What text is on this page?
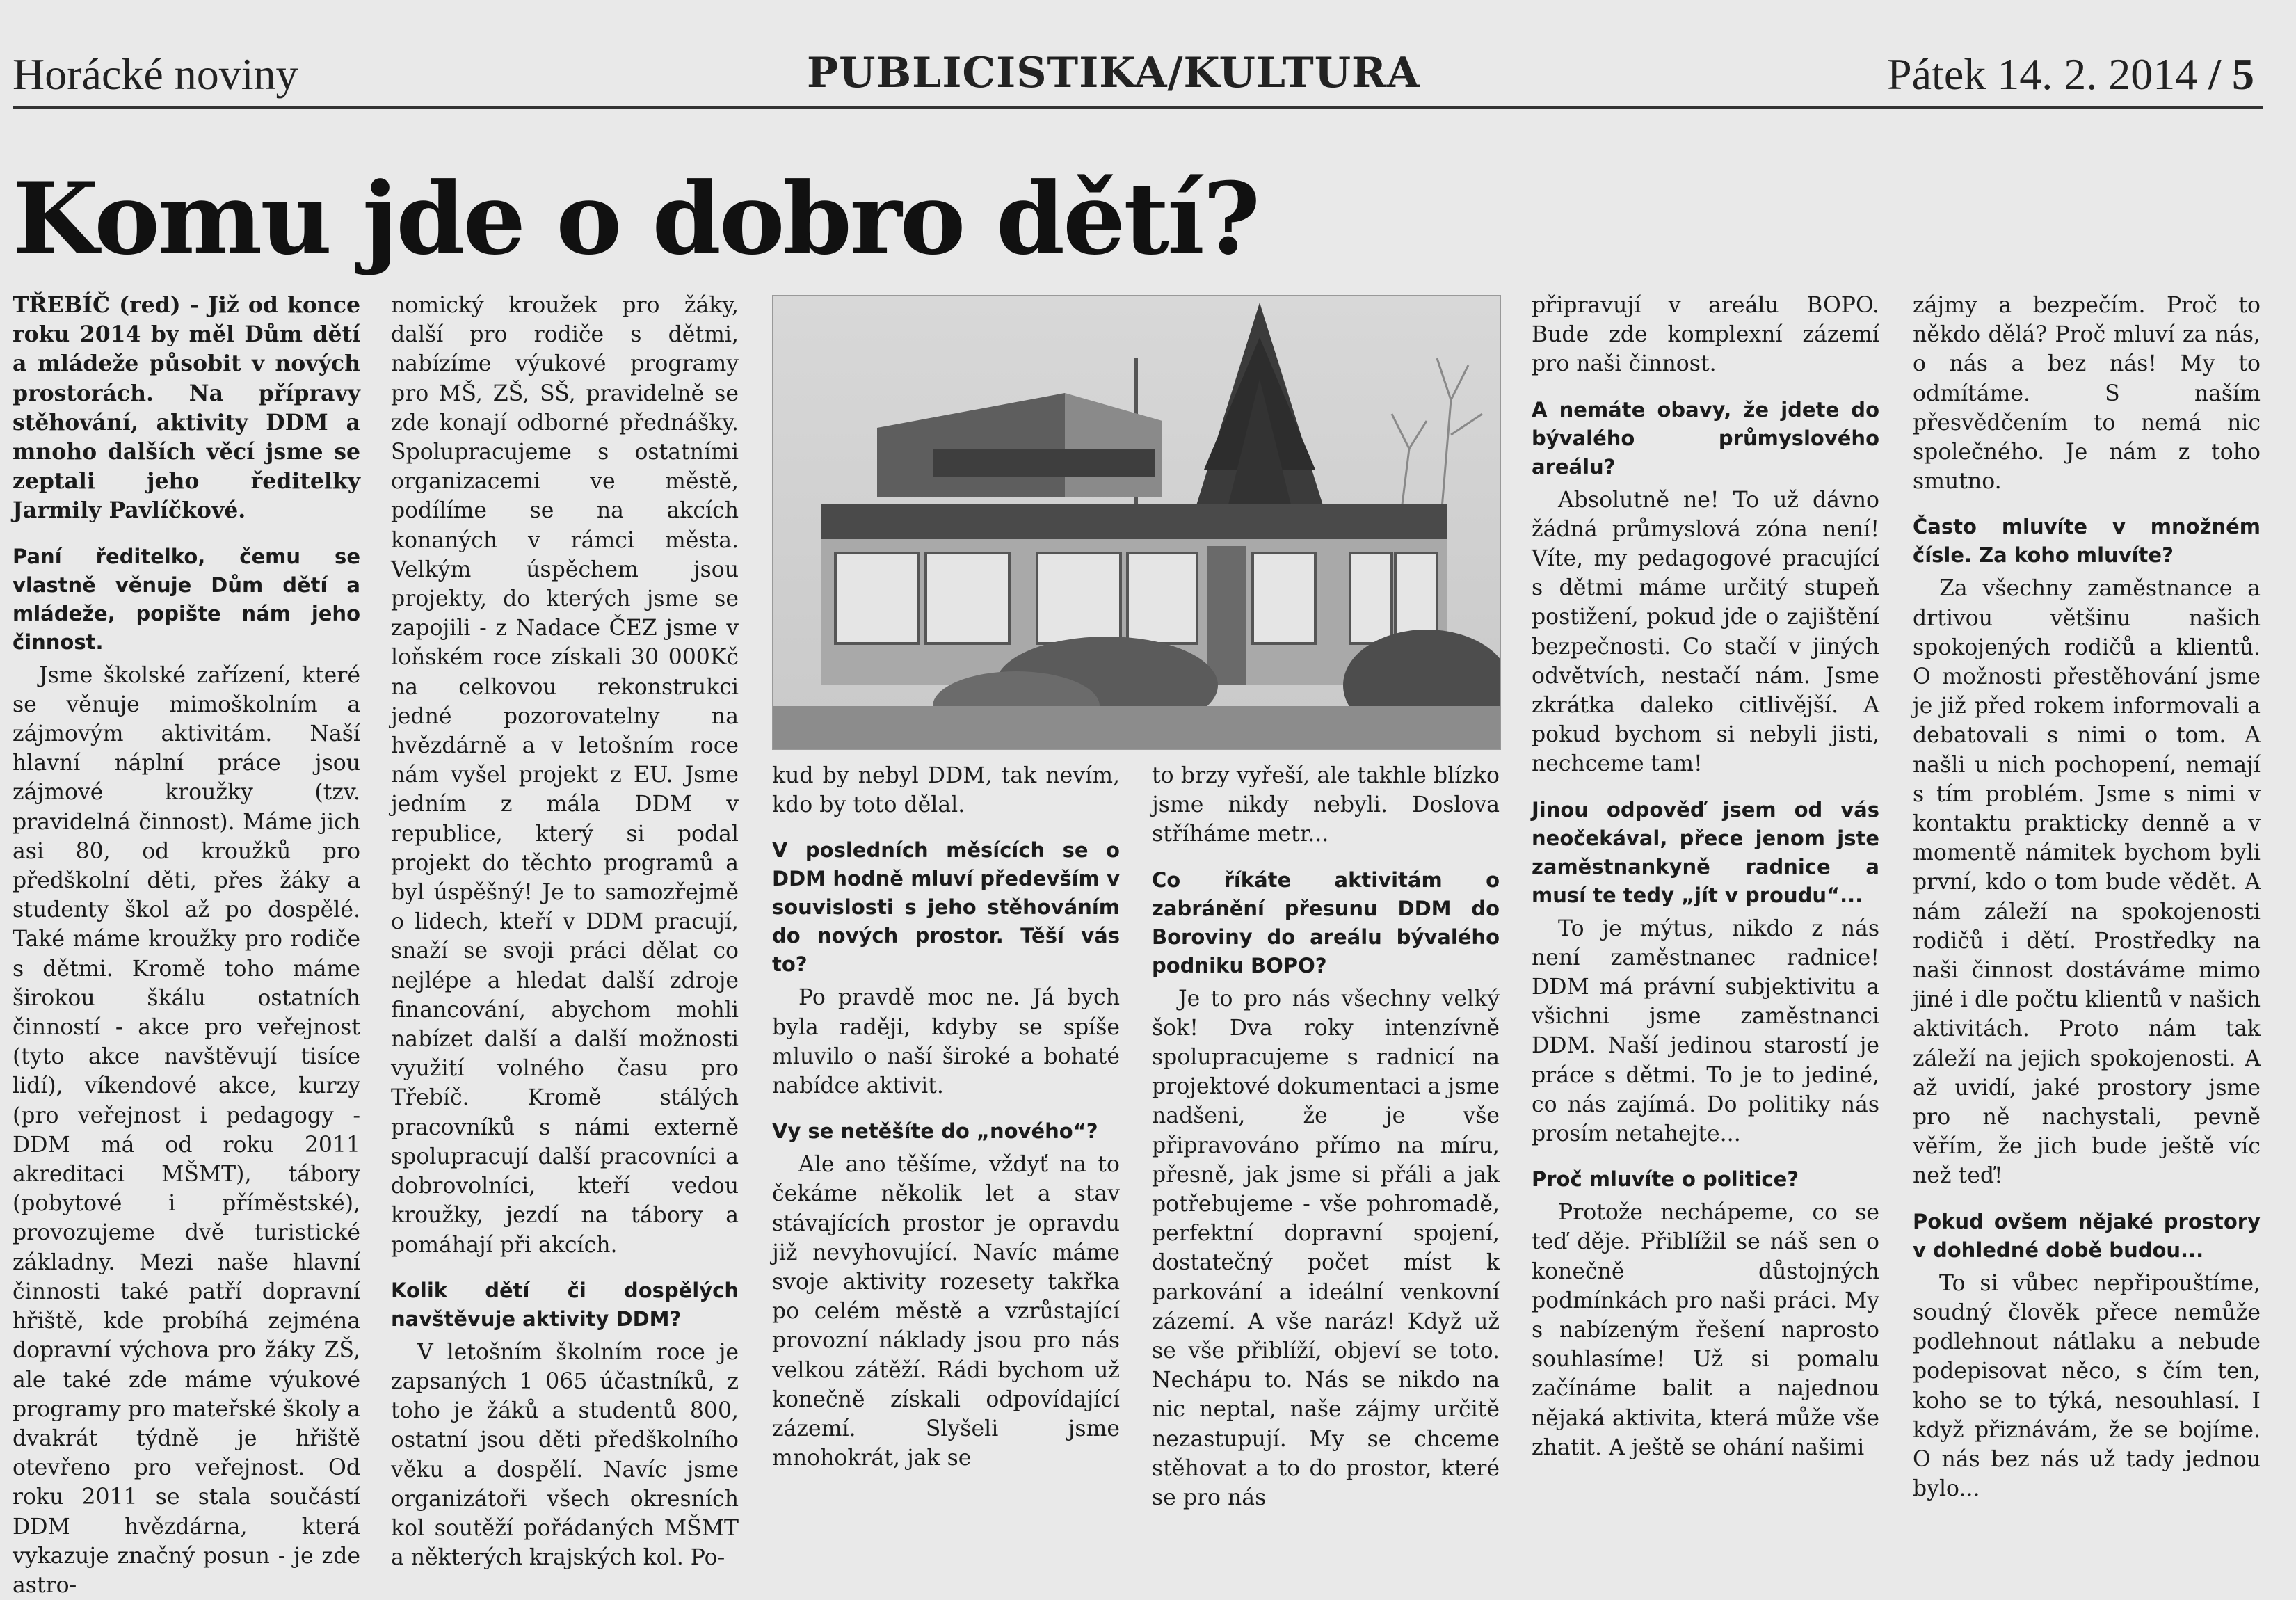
Horácké noviny	PUBLICISTIKA/KULTURA	Pátek 14. 2. 2014 / 5
Komu jde o dobro dětí?

TŘEBÍČ (red) - Již od konce roku 2014 by měl Dům dětí a mládeže působit v nových prostorách. Na přípravy stěhování, aktivity DDM a mnoho dalších věcí jsme se zeptali jeho ředitelky Jarmily Pavlíčkové.

Paní ředitelko, čemu se vlastně věnuje Dům dětí a mládeže, popište nám jeho činnost.

Jsme školské zařízení, které se věnuje mimoškolním a zájmovým aktivitám. Naší hlavní náplní práce jsou zájmové kroužky (tzv. pravidelná činnost). Máme jich asi 80, od kroužků pro předškolní děti, přes žáky a studenty škol až po dospělé. Také máme kroužky pro rodiče s dětmi. Kromě toho máme širokou škálu ostatních činností - akce pro veřejnost (tyto akce navštěvují tisíce lidí), víkendové akce, kurzy (pro veřejnost i pedagogy - DDM má od roku 2011 akreditaci MŠMT), tábory (pobytové i příměstské), provozujeme dvě turistické základny. Mezi naše hlavní činnosti také patří dopravní hřiště, kde probíhá zejména dopravní výchova pro žáky ZŠ, ale také zde máme výukové programy pro mateřské školy a dvakrát týdně je hřiště otevřeno pro veřejnost. Od roku 2011 se stala součástí DDM hvězdárna, která vykazuje značný posun - je zde astro-

nomický kroužek pro žáky, další pro rodiče s dětmi, nabízíme výukové programy pro MŠ, ZŠ, SŠ, pravidelně se zde konají odborné přednášky. Spolupracujeme s ostatními organizacemi ve městě, podílíme se na akcích konaných v rámci města. Velkým úspěchem jsou projekty, do kterých jsme se zapojili - z Nadace ČEZ jsme v loňském roce získali 30 000Kč na celkovou rekonstrukci jedné pozorovatelny na hvězdárně a v letošním roce nám vyšel projekt z EU. Jsme jedním z mála DDM v republice, který si podal projekt do těchto programů a byl úspěšný! Je to samozřejmě o lidech, kteří v DDM pracují, snaží se svoji práci dělat co nejlépe a hledat další zdroje financování, abychom mohli nabízet další a další možnosti využití volného času pro Třebíč. Kromě stálých pracovníků s námi externě spolupracují další pracovníci a dobrovolníci, kteří vedou kroužky, jezdí na tábory a pomáhají při akcích.

Kolik dětí či dospělých navštěvuje aktivity DDM?

V letošním školním roce je zapsaných 1 065 účastníků, z toho je žáků a studentů 800, ostatní jsou děti předškolního věku a dospělí. Navíc jsme organizátoři všech okresních kol soutěží pořádaných MŠMT a některých krajských kol. Po-

kud by nebyl DDM, tak nevím, kdo by toto dělal.

V posledních měsících se o DDM hodně mluví především v souvislosti s jeho stěhováním do nových prostor. Těší vás to?

Po pravdě moc ne. Já bych byla raději, kdyby se spíše mluvilo o naší široké a bohaté nabídce aktivit.

Vy se netěšíte do „nového“?

Ale ano těšíme, vždyť na to čekáme několik let a stav stávajících prostor je opravdu již nevyhovující. Navíc máme svoje aktivity rozesety takřka po celém městě a vzrůstající provozní náklady jsou pro nás velkou zátěží. Rádi bychom už konečně získali odpovídající zázemí. Slyšeli jsme mnohokrát, jak se

to brzy vyřeší, ale takhle blízko jsme nikdy nebyli. Doslova stříháme metr...

Co říkáte aktivitám o zabránění přesunu DDM do Boroviny do areálu bývalého podniku BOPO?

Je to pro nás všechny velký šok! Dva roky intenzívně spolupracujeme s radnicí na projektové dokumentaci a jsme nadšeni, že je vše připravováno přímo na míru, přesně, jak jsme si přáli a jak potřebujeme - vše pohromadě, perfektní dopravní spojení, dostatečný počet míst k parkování a ideální venkovní zázemí. A vše naráz! Když už se vše přiblíží, objeví se toto. Nechápu to. Nás se nikdo na nic neptal, naše zájmy určitě nezastupují. My se chceme stěhovat a to do prostor, které se pro nás

připravují v areálu BOPO. Bude zde komplexní zázemí pro naši činnost.

A nemáte obavy, že jdete do bývalého průmyslového areálu?

Absolutně ne! To už dávno žádná průmyslová zóna není! Víte, my pedagogové pracující s dětmi máme určitý stupeň postižení, pokud jde o zajištění bezpečnosti. Co stačí v jiných odvětvích, nestačí nám. Jsme zkrátka daleko citlivější. A pokud bychom si nebyli jisti, nechceme tam!

Jinou odpověď jsem od vás neočekával, přece jenom jste zaměstnankyně radnice a musí te tedy „jít v proudu“...

To je mýtus, nikdo z nás není zaměstnanec radnice! DDM má právní subjektivitu a všichni jsme zaměstnanci DDM. Naší jedinou starostí je práce s dětmi. To je to jediné, co nás zajímá. Do politiky nás prosím netahejte...

Proč mluvíte o politice?

Protože nechápeme, co se teď děje. Přiblížil se náš sen o konečně důstojných podmínkách pro naši práci. My s nabízeným řešení naprosto souhlasíme! Už si pomalu začínáme balit a najednou nějaká aktivita, která může vše zhatit. A ještě se ohání našimi

zájmy a bezpečím. Proč to někdo dělá? Proč mluví za nás, o nás a bez nás! My to odmítáme. S naším přesvědčením to nemá nic společného. Je nám z toho smutno.

Často mluvíte v množném čísle. Za koho mluvíte?

Za všechny zaměstnance a drtivou většinu našich spokojených rodičů a klientů. O možnosti přestěhování jsme je již před rokem informovali a debatovali s nimi o tom. A našli u nich pochopení, nemají s tím problém. Jsme s nimi v kontaktu prakticky denně a v momentě námitek bychom byli první, kdo o tom bude vědět. A nám záleží na spokojenosti rodičů i dětí. Prostředky na naši činnost dostáváme mimo jiné i dle počtu klientů v našich aktivitách. Proto nám tak záleží na jejich spokojenosti. A až uvidí, jaké prostory jsme pro ně nachystali, pevně věřím, že jich bude ještě víc než teď!

Pokud ovšem nějaké prostory v dohledné době budou...

To si vůbec nepřipouštíme, soudný člověk přece nemůže podlehnout nátlaku a nebude podepisovat něco, s čím ten, koho se to týká, nesouhlasí. I když přiznávám, že se bojíme. O nás bez nás už tady jednou bylo...
